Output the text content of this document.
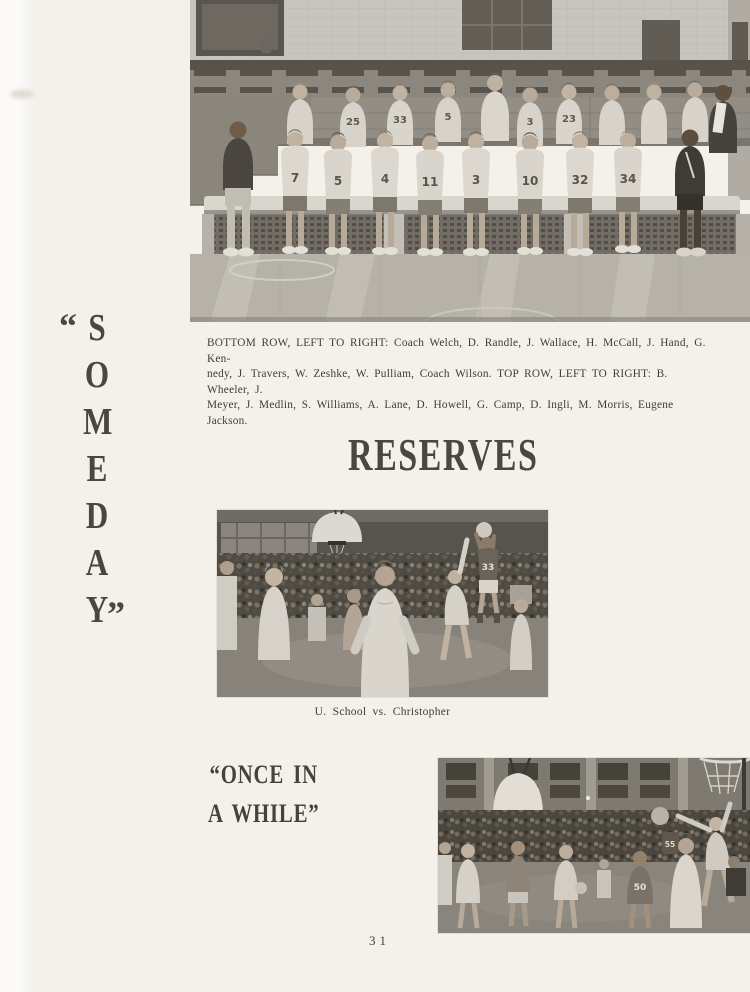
25	33	5	3	23
7	5	4	11	3	10	32	34
BOTTOM ROW, LEFT TO RIGHT: Coach Welch, D. Randle, J. Wallace, H. McCall, J. Hand, G. Ken-
nedy, J. Travers, W. Zeshke, W. Pulliam, Coach Wilson. TOP ROW, LEFT TO RIGHT: B. Wheeler, J.
Meyer, J. Medlin, S. Williams, A. Lane, D. Howell, G. Camp, D. Ingli, M. Morris, Eugene Jackson.
“ S
O
M
E
D
A
Y
”
RESERVES
33
U. School vs. Christopher
“ONCE IN
A WHILE”
55
50
31
